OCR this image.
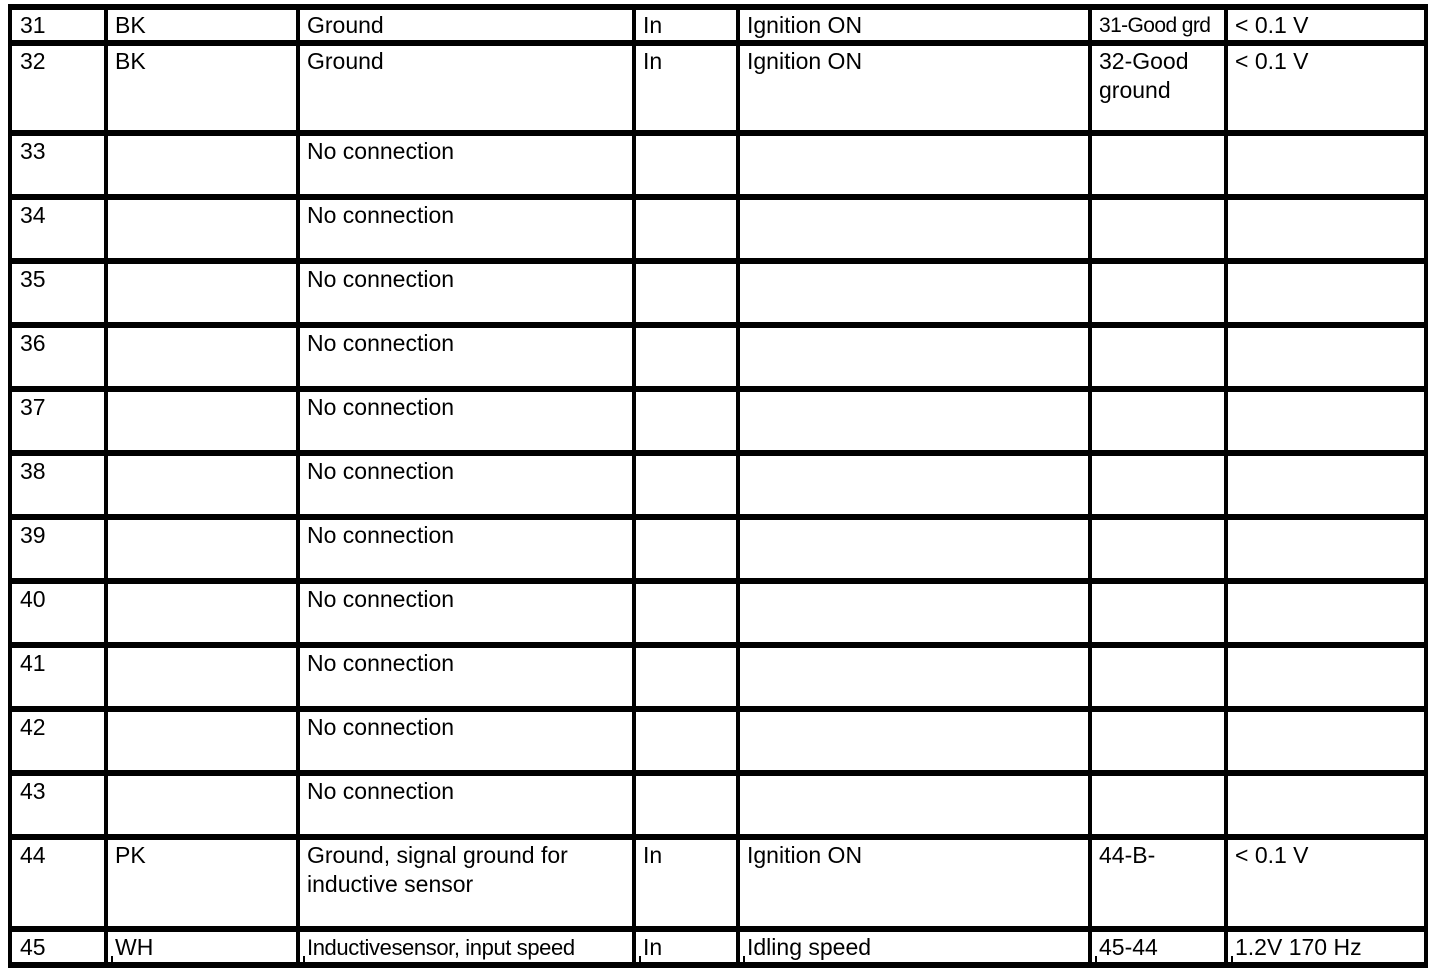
31	BK	Ground	In	Ignition ON	31-Good grd	< 0.1 V

32	BK	Ground	In	Ignition ON	32-Good ground	< 0.1 V

33		No connection				

34		No connection				

35		No connection				

36		No connection				

37		No connection				

38		No connection				

39		No connection				

40		No connection				

41		No connection				

42		No connection				

43		No connection				

44	PK	Ground, signal ground for inductive sensor	In	Ignition ON	44-B-	< 0.1 V

45	WH	Inductivesensor, input speed	In	Idling speed	45-44	1.2V 170 Hz
